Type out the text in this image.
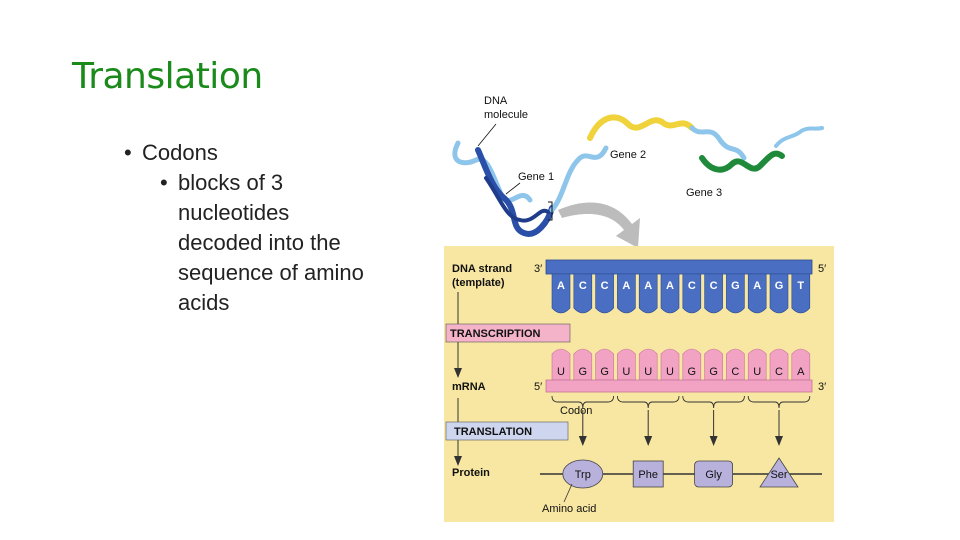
Translation
• Codons
• blocks of 3 nucleotides decoded into the sequence of amino acids
DNA
molecule
Gene 1
Gene 2
Gene 3
DNA strand
(template)
3′	5′
mRNA	5′	3′
Codon
Protein
Amino acid
A C C A A A C C G A G T
TRANSCRIPTION
U G G U U U G G C U C A
TRANSLATION
Trp	Phe	Gly	Ser
